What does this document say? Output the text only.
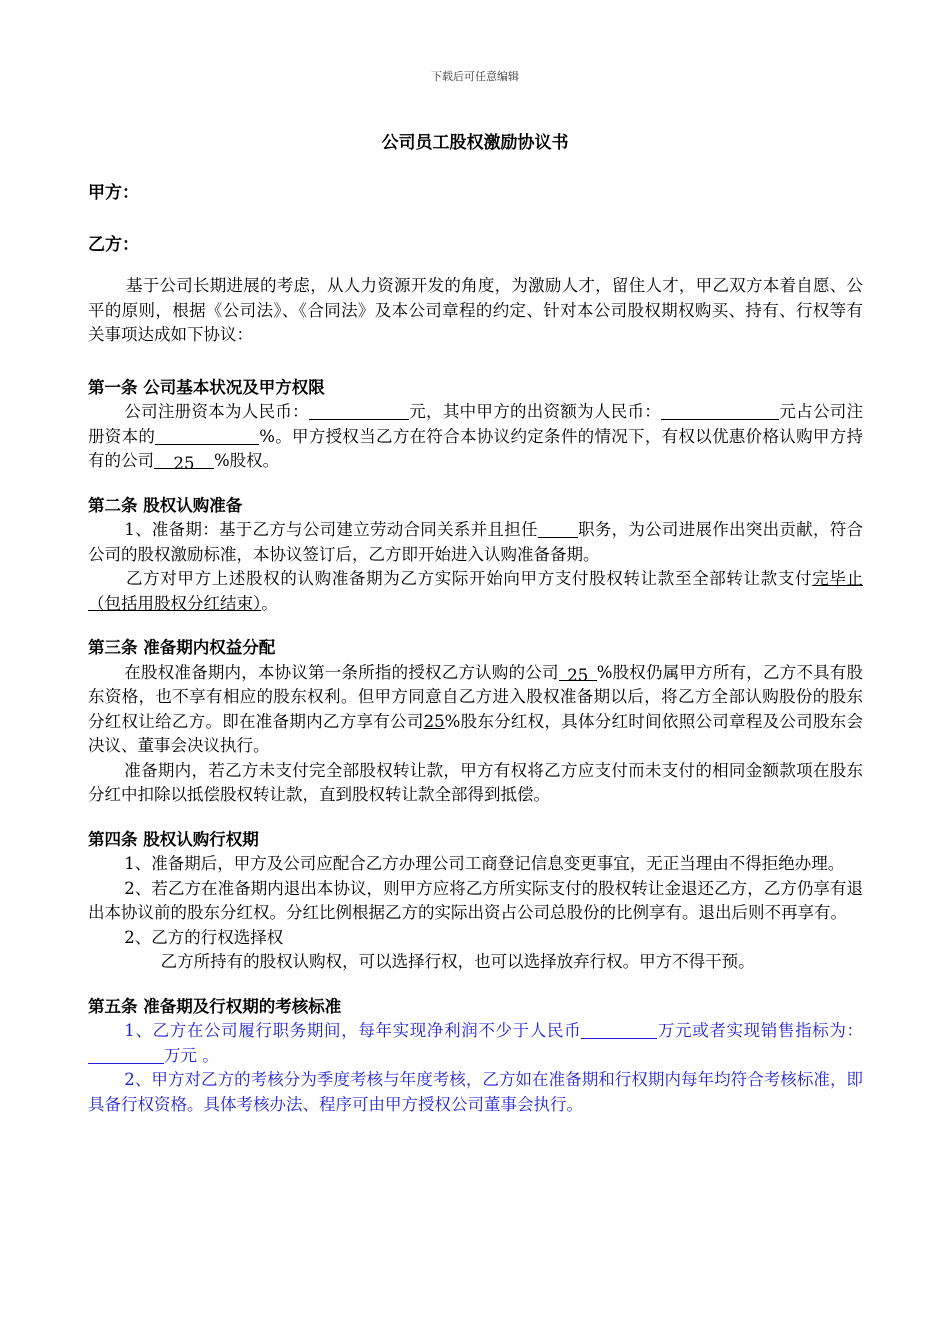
下载后可任意编辑
公司员工股权激励协议书
甲方：
乙方：

基于公司长期进展的考虑，从人力资源开发的角度，为激励人才，留住人才，甲乙双方本着自愿、公平的原则，根据《公司法》、《合同法》及本公司章程的约定、针对本公司股权期权购买、持有、行权等有关事项达成如下协议：

第一条 公司基本状况及甲方权限

公司注册资本为人民币：	元，其中甲方的出资额为人民币：	元占公司注册资本的	%。甲方授权当乙方在符合本协议约定条件的情况下，有权以优惠价格认购甲方持有的公司 25 %股权。

第二条 股权认购准备

1、准备期：基于乙方与公司建立劳动合同关系并且担任 职务，为公司进展作出突出贡献，符合公司的股权激励标准，本协议签订后，乙方即开始进入认购准备备期。

乙方对甲方上述股权的认购准备期为乙方实际开始向甲方支付股权转让款至全部转让款支付完毕止（包括用股权分红结束）。

第三条 准备期内权益分配

在股权准备期内，本协议第一条所指的授权乙方认购的公司 25 %股权仍属甲方所有，乙方不具有股东资格，也不享有相应的股东权利。但甲方同意自乙方进入股权准备期以后，将乙方全部认购股份的股东分红权让给乙方。即在准备期内乙方享有公司25%股东分红权，具体分红时间依照公司章程及公司股东会决议、董事会决议执行。

准备期内，若乙方未支付完全部股权转让款，甲方有权将乙方应支付而未支付的相同金额款项在股东分红中扣除以抵偿股权转让款，直到股权转让款全部得到抵偿。

第四条 股权认购行权期

1、准备期后，甲方及公司应配合乙方办理公司工商登记信息变更事宜，无正当理由不得拒绝办理。

2、若乙方在准备期内退出本协议，则甲方应将乙方所实际支付的股权转让金退还乙方，乙方仍享有退出本协议前的股东分红权。分红比例根据乙方的实际出资占公司总股份的比例享有。退出后则不再享有。

2、乙方的行权选择权

乙方所持有的股权认购权，可以选择行权，也可以选择放弃行权。甲方不得干预。

第五条 准备期及行权期的考核标准

1、乙方在公司履行职务期间，每年实现净利润不少于人民币	万元或者实现销售指标为：万元 。

2、甲方对乙方的考核分为季度考核与年度考核，乙方如在准备期和行权期内每年均符合考核标准，即具备行权资格。具体考核办法、程序可由甲方授权公司董事会执行。
